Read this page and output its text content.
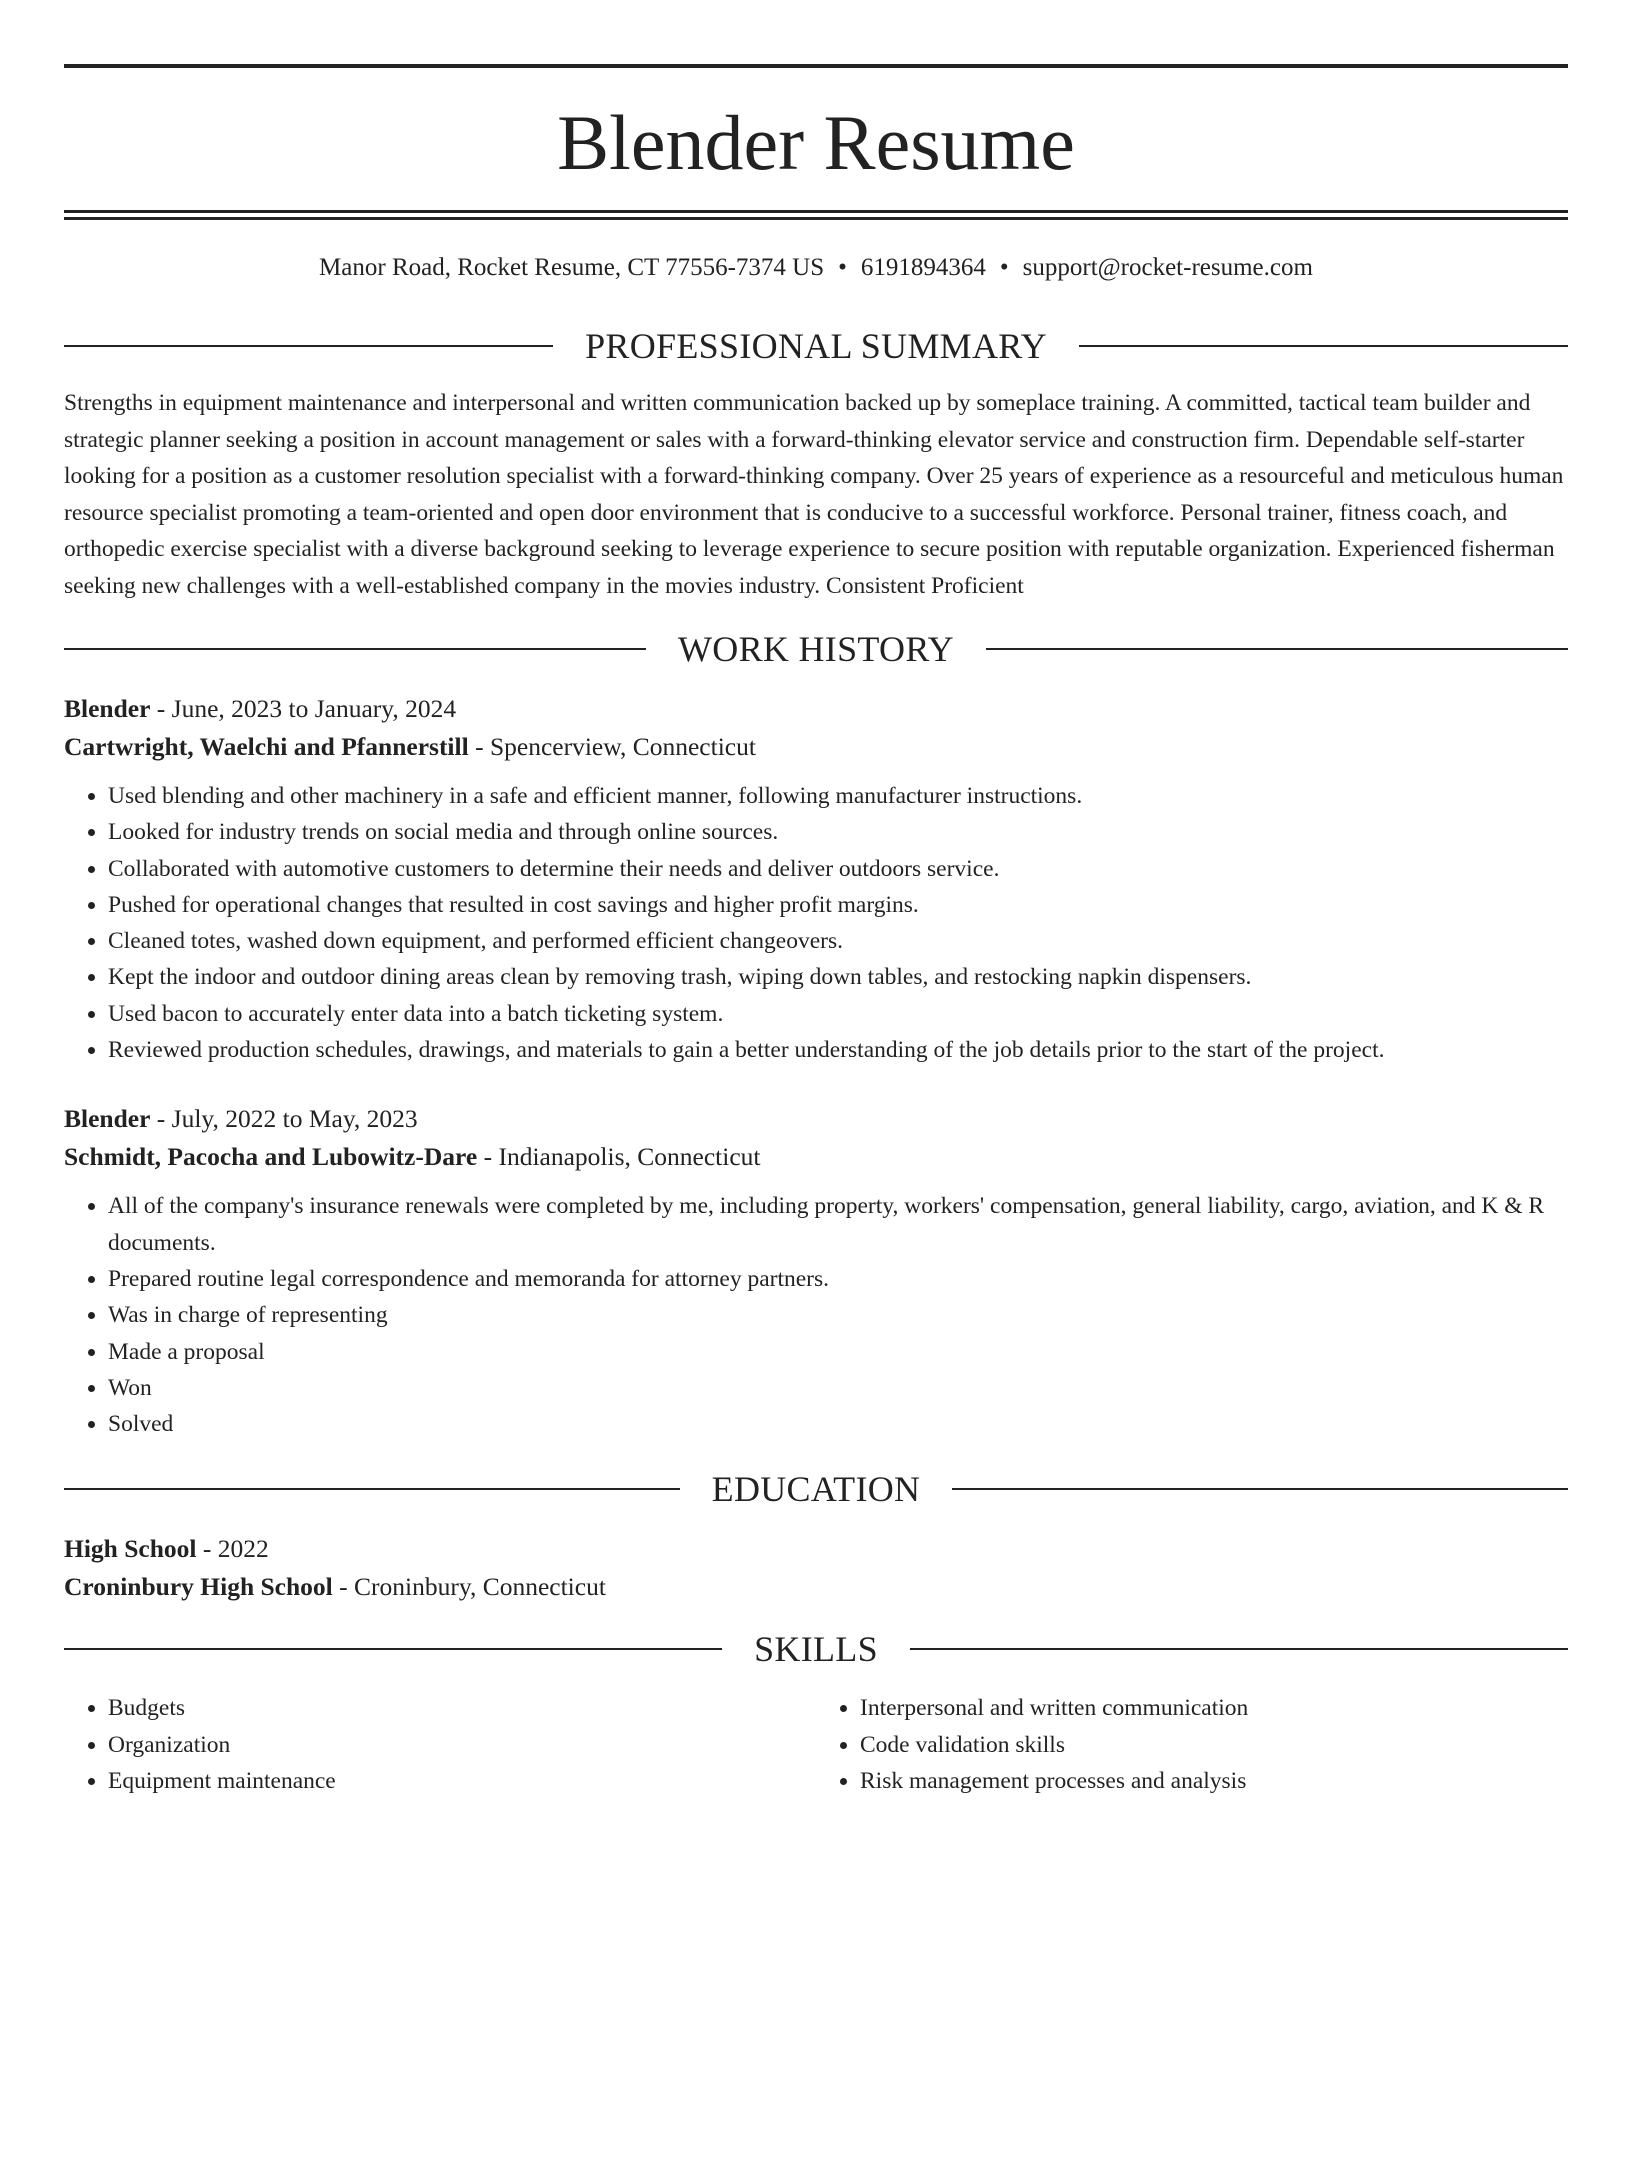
Blender Resume
Manor Road, Rocket Resume, CT 77556-7374 US • 6191894364 • support@rocket-resume.com
PROFESSIONAL SUMMARY

Strengths in equipment maintenance and interpersonal and written communication backed up by someplace training. A committed, tactical team builder and strategic planner seeking a position in account management or sales with a forward-thinking elevator service and construction firm. Dependable self-starter looking for a position as a customer resolution specialist with a forward-thinking company. Over 25 years of experience as a resourceful and meticulous human resource specialist promoting a team-oriented and open door environment that is conducive to a successful workforce. Personal trainer, fitness coach, and orthopedic exercise specialist with a diverse background seeking to leverage experience to secure position with reputable organization. Experienced fisherman seeking new challenges with a well-established company in the movies industry. Consistent Proficient

WORK HISTORY
Blender - June, 2023 to January, 2024
Cartwright, Waelchi and Pfannerstill - Spencerview, Connecticut
• Used blending and other machinery in a safe and efficient manner, following manufacturer instructions.
• Looked for industry trends on social media and through online sources.
• Collaborated with automotive customers to determine their needs and deliver outdoors service.
• Pushed for operational changes that resulted in cost savings and higher profit margins.
• Cleaned totes, washed down equipment, and performed efficient changeovers.
• Kept the indoor and outdoor dining areas clean by removing trash, wiping down tables, and restocking napkin dispensers.
• Used bacon to accurately enter data into a batch ticketing system.
• Reviewed production schedules, drawings, and materials to gain a better understanding of the job details prior to the start of the project.
Blender - July, 2022 to May, 2023
Schmidt, Pacocha and Lubowitz-Dare - Indianapolis, Connecticut
• All of the company's insurance renewals were completed by me, including property, workers' compensation, general liability, cargo, aviation, and K & R documents.
• Prepared routine legal correspondence and memoranda for attorney partners.
• Was in charge of representing
• Made a proposal
• Won
• Solved
EDUCATION
High School - 2022
Croninbury High School - Croninbury, Connecticut
SKILLS
• Budgets
• Organization
• Equipment maintenance
• Interpersonal and written communication
• Code validation skills
• Risk management processes and analysis
